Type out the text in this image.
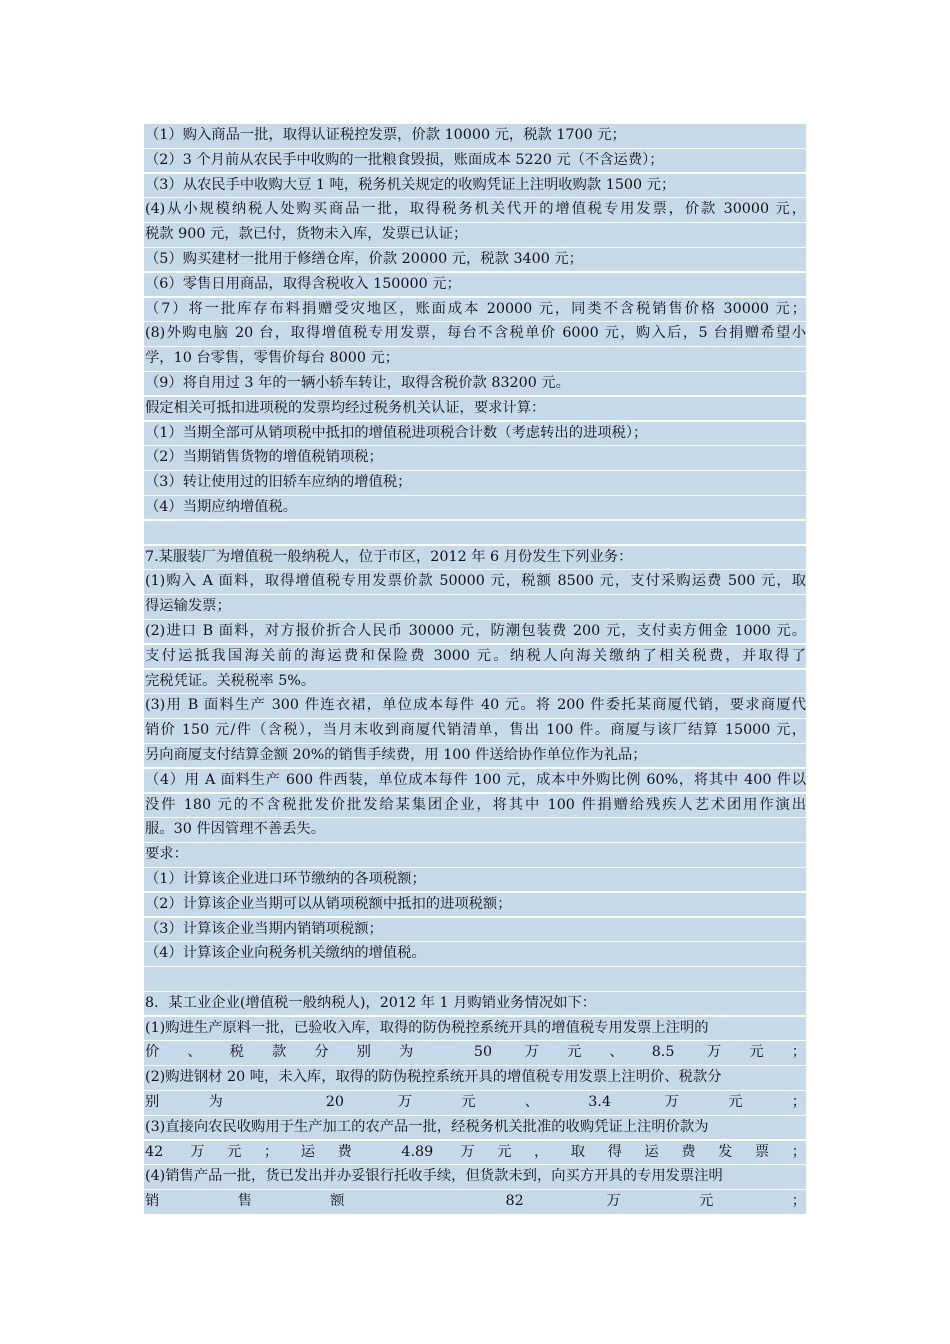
（1）购入商品一批，取得认证税控发票，价款 10000 元，税款 1700 元；
（2）3 个月前从农民手中收购的一批粮食毁损，账面成本 5220 元（不含运费）；
（3）从农民手中收购大豆 1 吨，税务机关规定的收购凭证上注明收购款 1500 元；
(4)从小规模纳税人处购买商品一批，取得税务机关代开的增值税专用发票，价款 30000 元，
税款 900 元，款已付，货物未入库，发票已认证；
（5）购买建材一批用于修缮仓库，价款 20000 元，税款 3400 元；
（6）零售日用商品，取得含税收入 150000 元；
（7）将一批库存布料捐赠受灾地区，账面成本 20000 元，同类不含税销售价格 30000 元；
(8)外购电脑 20 台，取得增值税专用发票，每台不含税单价 6000 元，购入后，5 台捐赠希望小
学，10 台零售，零售价每台 8000 元；
（9）将自用过 3 年的一辆小轿车转让，取得含税价款 83200 元。
假定相关可抵扣进项税的发票均经过税务机关认证，要求计算：
（1）当期全部可从销项税中抵扣的增值税进项税合计数（考虑转出的进项税）；
（2）当期销售货物的增值税销项税；
（3）转让使用过的旧轿车应纳的增值税；
（4）当期应纳增值税。
7.某服装厂为增值税一般纳税人，位于市区，2012 年 6 月份发生下列业务：
(1)购入 A 面料，取得增值税专用发票价款 50000 元，税额 8500 元，支付采购运费 500 元，取
得运输发票；
(2)进口 B 面料，对方报价折合人民币 30000 元，防潮包装费 200 元，支付卖方佣金 1000 元。
支付运抵我国海关前的海运费和保险费 3000 元。纳税人向海关缴纳了相关税费，并取得了
完税凭证。关税税率 5%。
(3)用 B 面料生产 300 件连衣裙，单位成本每件 40 元。将 200 件委托某商厦代销，要求商厦代
销价 150 元/件（含税），当月末收到商厦代销清单，售出 100 件。商厦与该厂结算 15000 元，
另向商厦支付结算金额 20%的销售手续费，用 100 件送给协作单位作为礼品；
（4）用 A 面料生产 600 件西装，单位成本每件 100 元，成本中外购比例 60%，将其中 400 件以
没件 180 元的不含税批发价批发给某集团企业，将其中 100 件捐赠给残疾人艺术团用作演出
服。30 件因管理不善丢失。
要求：
（1）计算该企业进口环节缴纳的各项税额；
（2）计算该企业当期可以从销项税额中抵扣的进项税额；
（3）计算该企业当期内销销项税额；
（4）计算该企业向税务机关缴纳的增值税。
8．某工业企业(增值税一般纳税人)，2012 年 1 月购销业务情况如下：
(1)购进生产原料一批，已验收入库，取得的防伪税控系统开具的增值税专用发票上注明的
价、税款分别为 50 万元、8.5 万元；
(2)购进钢材 20 吨，未入库，取得的防伪税控系统开具的增值税专用发票上注明价、税款分
别为 20 万元、3.4 万元；
(3)直接向农民收购用于生产加工的农产品一批，经税务机关批准的收购凭证上注明价款为
42 万元；运费 4.89 万元，取得运费发票；
(4)销售产品一批，货已发出并办妥银行托收手续，但货款未到，向买方开具的专用发票注明
销售额 82 万元；
